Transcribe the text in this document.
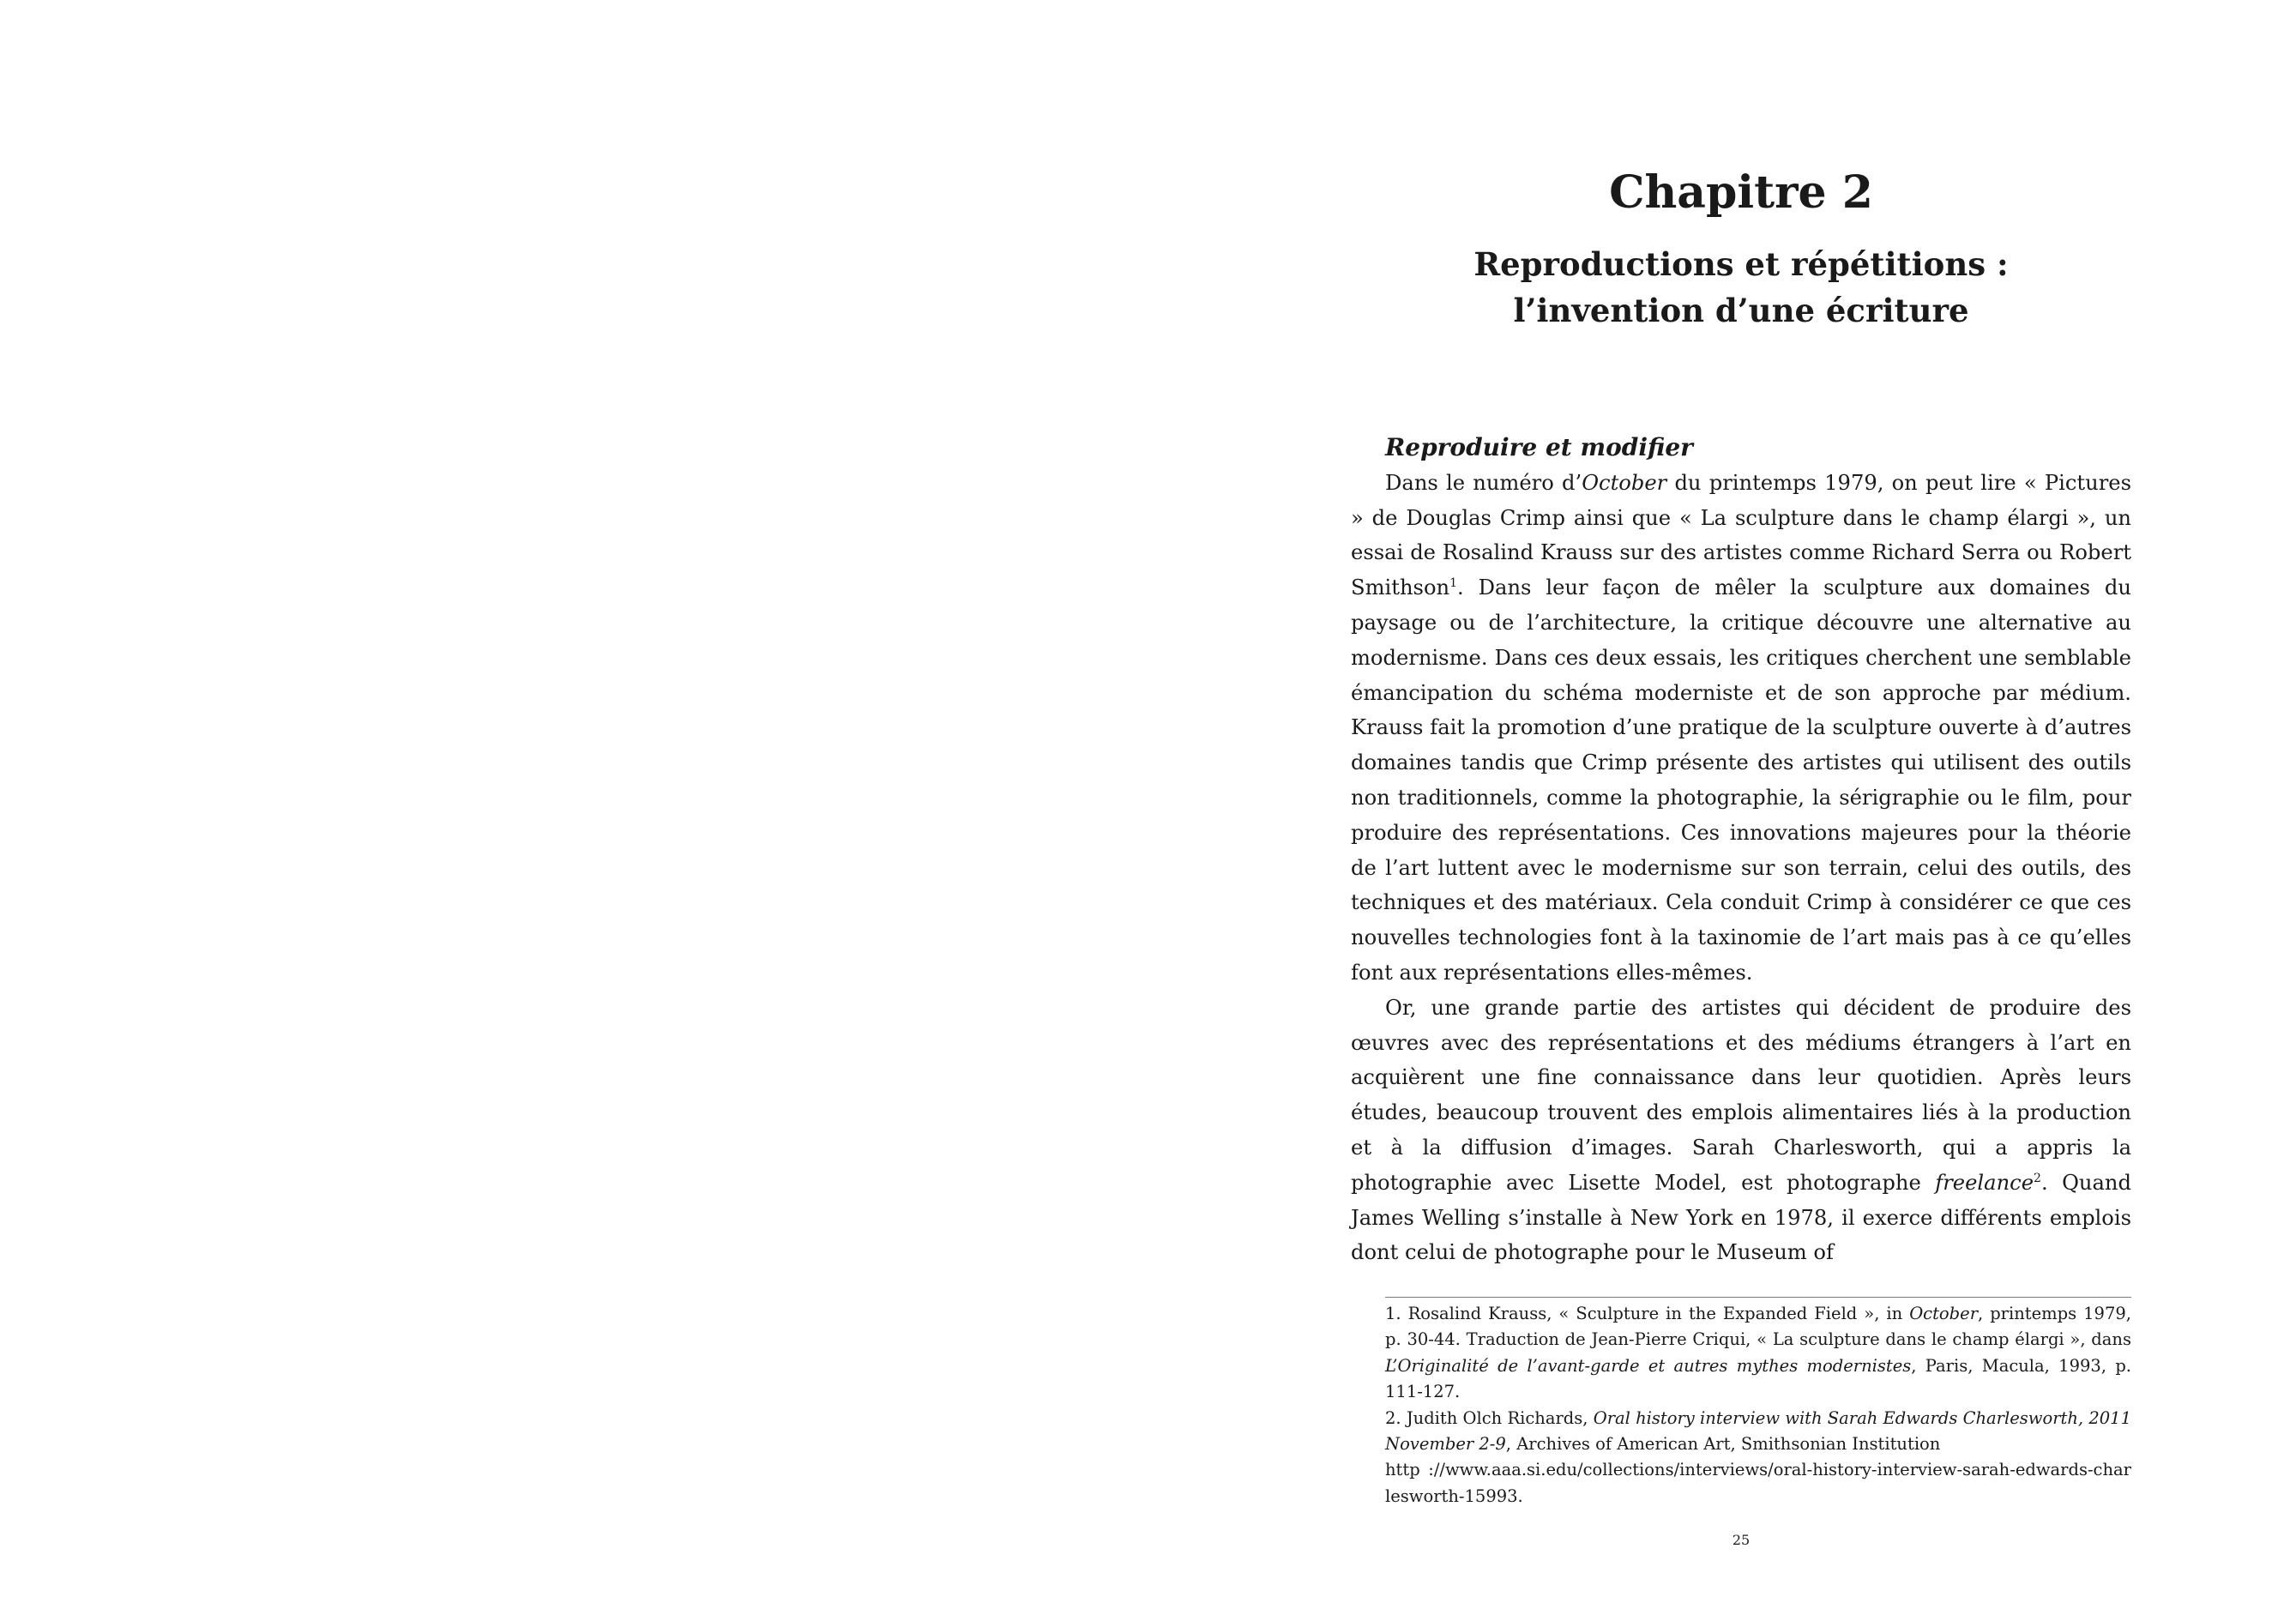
Chapitre 2
Reproductions et répétitions :
l’invention d’une écriture
Reproduire et modifier

Dans le numéro d’October du printemps 1979, on peut lire « Pictures » de Douglas Crimp ainsi que « La sculpture dans le champ élargi », un essai de Rosalind Krauss sur des artistes comme Richard Serra ou Robert Smithson$^1$. Dans leur façon de mêler la sculpture aux domaines du paysage ou de l’architecture, la critique découvre une alternative au modernisme. Dans ces deux essais, les critiques cherchent une semblable émancipation du schéma moderniste et de son approche par médium. Krauss fait la promotion d’une pratique de la sculpture ouverte à d’autres domaines tandis que Crimp présente des artistes qui utilisent des outils non traditionnels, comme la photographie, la sérigraphie ou le film, pour produire des représentations. Ces innovations majeures pour la théorie de l’art luttent avec le modernisme sur son terrain, celui des outils, des techniques et des matériaux. Cela conduit Crimp à considérer ce que ces nouvelles technologies font à la taxinomie de l’art mais pas à ce qu’elles font aux représentations elles-mêmes.

Or, une grande partie des artistes qui décident de produire des œuvres avec des représentations et des médiums étrangers à l’art en acquièrent une fine connaissance dans leur quotidien. Après leurs études, beaucoup trouvent des emplois alimentaires liés à la production et à la diffusion d’images. Sarah Charlesworth, qui a appris la photographie avec Lisette Model, est photographe freelance$^2$. Quand James Welling s’installe à New York en 1978, il exerce différents emplois dont celui de photographe pour le Museum of

1. Rosalind Krauss, « Sculpture in the Expanded Field », in October, printemps 1979, p. 30-44. Traduction de Jean-Pierre Criqui, « La sculpture dans le champ élargi », dans L’Originalité de l’avant-garde et autres mythes modernistes, Paris, Macula, 1993, p. 111-127.

2. Judith Olch Richards, Oral history interview with Sarah Edwards Charlesworth, 2011 November 2-9, Archives of American Art, Smithsonian Institution
http ://www.aaa.si.edu/collections/interviews/oral-history-interview-sarah-edwards-charlesworth-15993.

25
